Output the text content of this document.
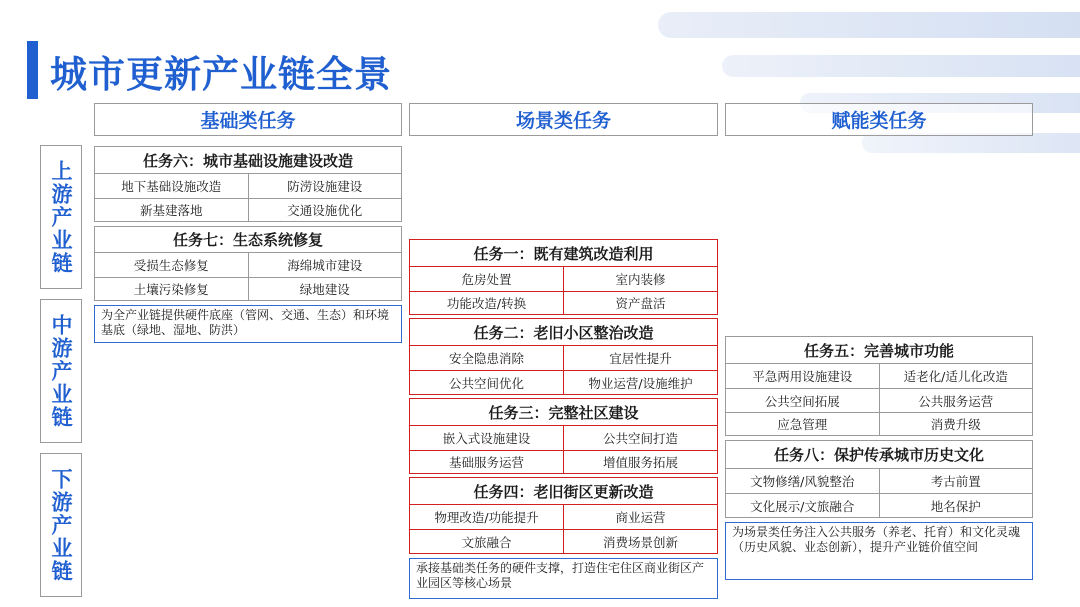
城市更新产业链全景
基础类任务	场景类任务	赋能类任务
上游产业链
中游产业链
下游产业链
任务六：城市基础设施建设改造
地下基础设施改造	防涝设施建设
新基建落地	交通设施优化
任务七：生态系统修复
受损生态修复	海绵城市建设
土壤污染修复	绿地建设
为全产业链提供硬件底座（管网、交通、生态）和环境基底（绿地、湿地、防洪）
任务一：既有建筑改造利用
危房处置	室内装修
功能改造/转换	资产盘活
任务二：老旧小区整治改造
安全隐患消除	宜居性提升
公共空间优化	物业运营/设施维护
任务三：完整社区建设
嵌入式设施建设	公共空间打造
基础服务运营	增值服务拓展
任务四：老旧街区更新改造
物理改造/功能提升	商业运营
文旅融合	消费场景创新
承接基础类任务的硬件支撑，打造住宅住区商业街区产业园区等核心场景
任务五：完善城市功能
平急两用设施建设	适老化/适儿化改造
公共空间拓展	公共服务运营
应急管理	消费升级
任务八：保护传承城市历史文化
文物修缮/风貌整治	考古前置
文化展示/文旅融合	地名保护
为场景类任务注入公共服务（养老、托育）和文化灵魂（历史风貌、业态创新），提升产业链价值空间
